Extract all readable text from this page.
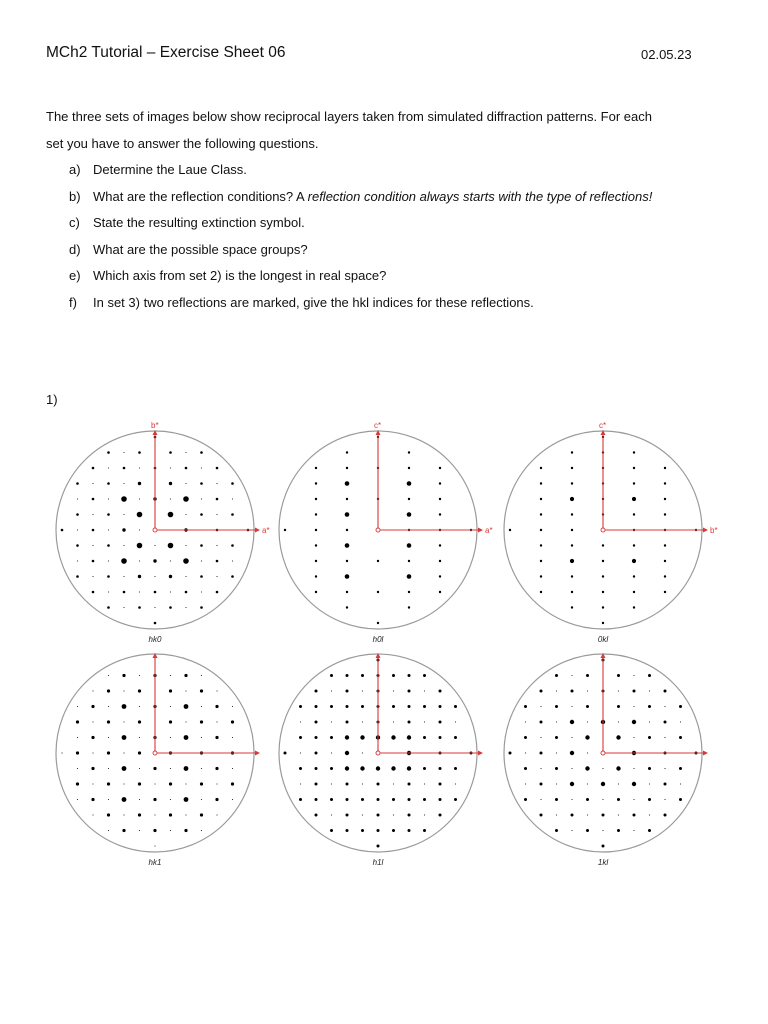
MCh2 Tutorial – Exercise Sheet 06	02.05.23

The three sets of images below show reciprocal layers taken from simulated diffraction patterns. For each

set you have to answer the following questions.

a) Determine the Laue Class.
b) What are the reflection conditions? A reflection condition always starts with the type of reflections!
c)	State the resulting extinction symbol.
d) What are the possible space groups?
e) Which axis from set 2) is the longest in real space?
f)	In set 3) two reflections are marked, give the hkl indices for these reflections.
1)
b*
a*
hk0
c*
a*
h0l
c*
b*
0kl
hk1	h1l	1kl
